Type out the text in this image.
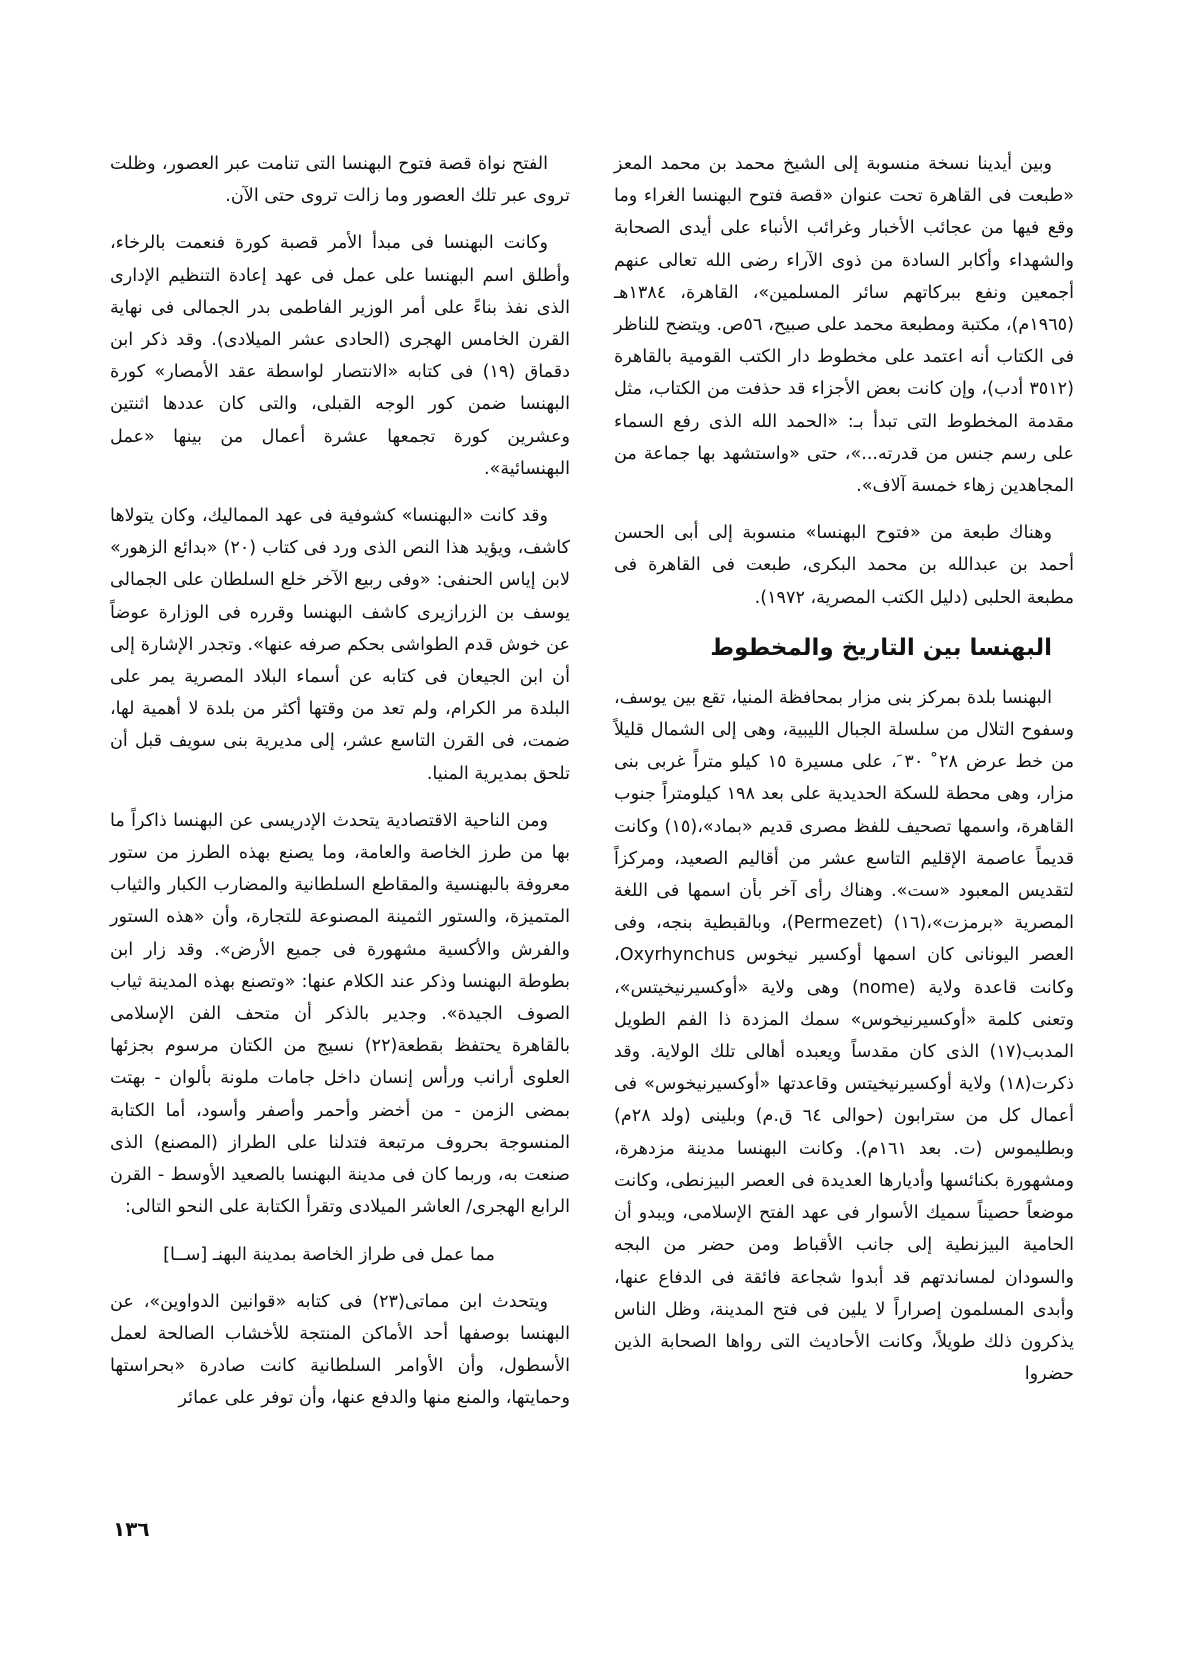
وبين أيدينا نسخة منسوبة إلى الشيخ محمد بن محمد المعز «طبعت فى القاهرة تحت عنوان «قصة فتوح البهنسا الغراء وما وقع فيها من عجائب الأخبار وغرائب الأنباء على أيدى الصحابة والشهداء وأكابر السادة من ذوى الآراء رضى الله تعالى عنهم أجمعين ونفع ببركاتهم سائر المسلمين»، القاهرة، ١٣٨٤هـ (١٩٦٥م)، مكتبة ومطبعة محمد على صبيح، ٥٦ص. ويتضح للناظر فى الكتاب أنه اعتمد على مخطوط دار الكتب القومية بالقاهرة (٣٥١٢ أدب)، وإن كانت بعض الأجزاء قد حذفت من الكتاب، مثل مقدمة المخطوط التى تبدأ بـ: «الحمد الله الذى رفع السماء على رسم جنس من قدرته...»، حتى «واستشهد بها جماعة من المجاهدين زهاء خمسة آلاف».

وهناك طبعة من «فتوح البهنسا» منسوبة إلى أبى الحسن أحمد بن عبدالله بن محمد البكرى، طبعت فى القاهرة فى مطبعة الحلبى (دليل الكتب المصرية، ١٩٧٢).

البهنسا بين التاريخ والمخطوط

البهنسا بلدة بمركز بنى مزار بمحافظة المنيا، تقع بين يوسف، وسفوح التلال من سلسلة الجبال الليبية، وهى إلى الشمال قليلاً من خط عرض ٢٨ ْ ٣٠ َ، على مسيرة ١٥ كيلو متراً غربى بنى مزار، وهى محطة للسكة الحديدية على بعد ١٩٨ كيلومتراً جنوب القاهرة، واسمها تصحيف للفظ مصرى قديم «بماد»،(١٥) وكانت قديماً عاصمة الإقليم التاسع عشر من أقاليم الصعيد، ومركزاً لتقديس المعبود «ست». وهناك رأى آخر بأن اسمها فى اللغة المصرية «برمزت»،(١٦) (Permezet)، وبالقبطية بنجه، وفى العصر اليونانى كان اسمها أوكسير نيخوس Oxyrhynchus، وكانت قاعدة ولاية (nome) وهى ولاية «أوكسيرنيخيتس»، وتعنى كلمة «أوكسيرنيخوس» سمك المزدة ذا الفم الطويل المدبب(١٧) الذى كان مقدساً ويعبده أهالى تلك الولاية. وقد ذكرت(١٨) ولاية أوكسيرنيخيتس وقاعدتها «أوكسيرنيخوس» فى أعمال كل من سترابون (حوالى ٦٤ ق.م) وبلينى (ولد ٢٨م) وبطليموس (ت. بعد ١٦١م). وكانت البهنسا مدينة مزدهرة، ومشهورة بكنائسها وأديارها العديدة فى العصر البيزنطى، وكانت موضعاً حصيناً سميك الأسوار فى عهد الفتح الإسلامى، ويبدو أن الحامية البيزنطية إلى جانب الأقباط ومن حضر من البجه والسودان لمساندتهم قد أبدوا شجاعة فائقة فى الدفاع عنها، وأبدى المسلمون إصراراً لا يلين فى فتح المدينة، وظل الناس يذكرون ذلك طويلاً، وكانت الأحاديث التى رواها الصحابة الذين حضروا

الفتح نواة قصة فتوح البهنسا التى تنامت عبر العصور، وظلت تروى عبر تلك العصور وما زالت تروى حتى الآن.

وكانت البهنسا فى مبدأ الأمر قصبة كورة فنعمت بالرخاء، وأطلق اسم البهنسا على عمل فى عهد إعادة التنظيم الإدارى الذى نفذ بناءً على أمر الوزير الفاطمى بدر الجمالى فى نهاية القرن الخامس الهجرى (الحادى عشر الميلادى). وقد ذكر ابن دقماق (١٩) فى كتابه «الانتصار لواسطة عقد الأمصار» كورة البهنسا ضمن كور الوجه القبلى، والتى كان عددها اثنتين وعشرين كورة تجمعها عشرة أعمال من بينها «عمل البهنسائية».

وقد كانت «البهنسا» كشوفية فى عهد المماليك، وكان يتولاها كاشف، ويؤيد هذا النص الذى ورد فى كتاب (٢٠) «بدائع الزهور» لابن إياس الحنفى: «وفى ربيع الآخر خلع السلطان على الجمالى يوسف بن الزرازيرى كاشف البهنسا وقرره فى الوزارة عوضاً عن خوش قدم الطواشى بحكم صرفه عنها». وتجدر الإشارة إلى أن ابن الجيعان فى كتابه عن أسماء البلاد المصرية يمر على البلدة مر الكرام، ولم تعد من وقتها أكثر من بلدة لا أهمية لها، ضمت، فى القرن التاسع عشر، إلى مديرية بنى سويف قبل أن تلحق بمديرية المنيا.

ومن الناحية الاقتصادية يتحدث الإدريسى عن البهنسا ذاكراً ما بها من طرز الخاصة والعامة، وما يصنع بهذه الطرز من ستور معروفة بالبهنسية والمقاطع السلطانية والمضارب الكبار والثياب المتميزة، والستور الثمينة المصنوعة للتجارة، وأن «هذه الستور والفرش والأكسية مشهورة فى جميع الأرض». وقد زار ابن بطوطة البهنسا وذكر عند الكلام عنها: «وتصنع بهذه المدينة ثياب الصوف الجيدة». وجدير بالذكر أن متحف الفن الإسلامى بالقاهرة يحتفظ بقطعة(٢٢) نسيج من الكتان مرسوم بجزئها العلوى أرانب ورأس إنسان داخل جامات ملونة بألوان - بهتت بمضى الزمن - من أخضر وأحمر وأصفر وأسود، أما الكتابة المنسوجة بحروف مرتبعة فتدلنا على الطراز (المصنع) الذى صنعت به، وربما كان فى مدينة البهنسا بالصعيد الأوسط - القرن الرابع الهجرى/ العاشر الميلادى وتقرأ الكتابة على النحو التالى:

مما عمل فى طراز الخاصة بمدينة البهنـ [ســا]

ويتحدث ابن مماتى(٢٣) فى كتابه «قوانين الدواوين»، عن البهنسا بوصفها أحد الأماكن المنتجة للأخشاب الصالحة لعمل الأسطول، وأن الأوامر السلطانية كانت صادرة «بحراستها وحمايتها، والمنع منها والدفع عنها، وأن توفر على عمائر

١٣٦
